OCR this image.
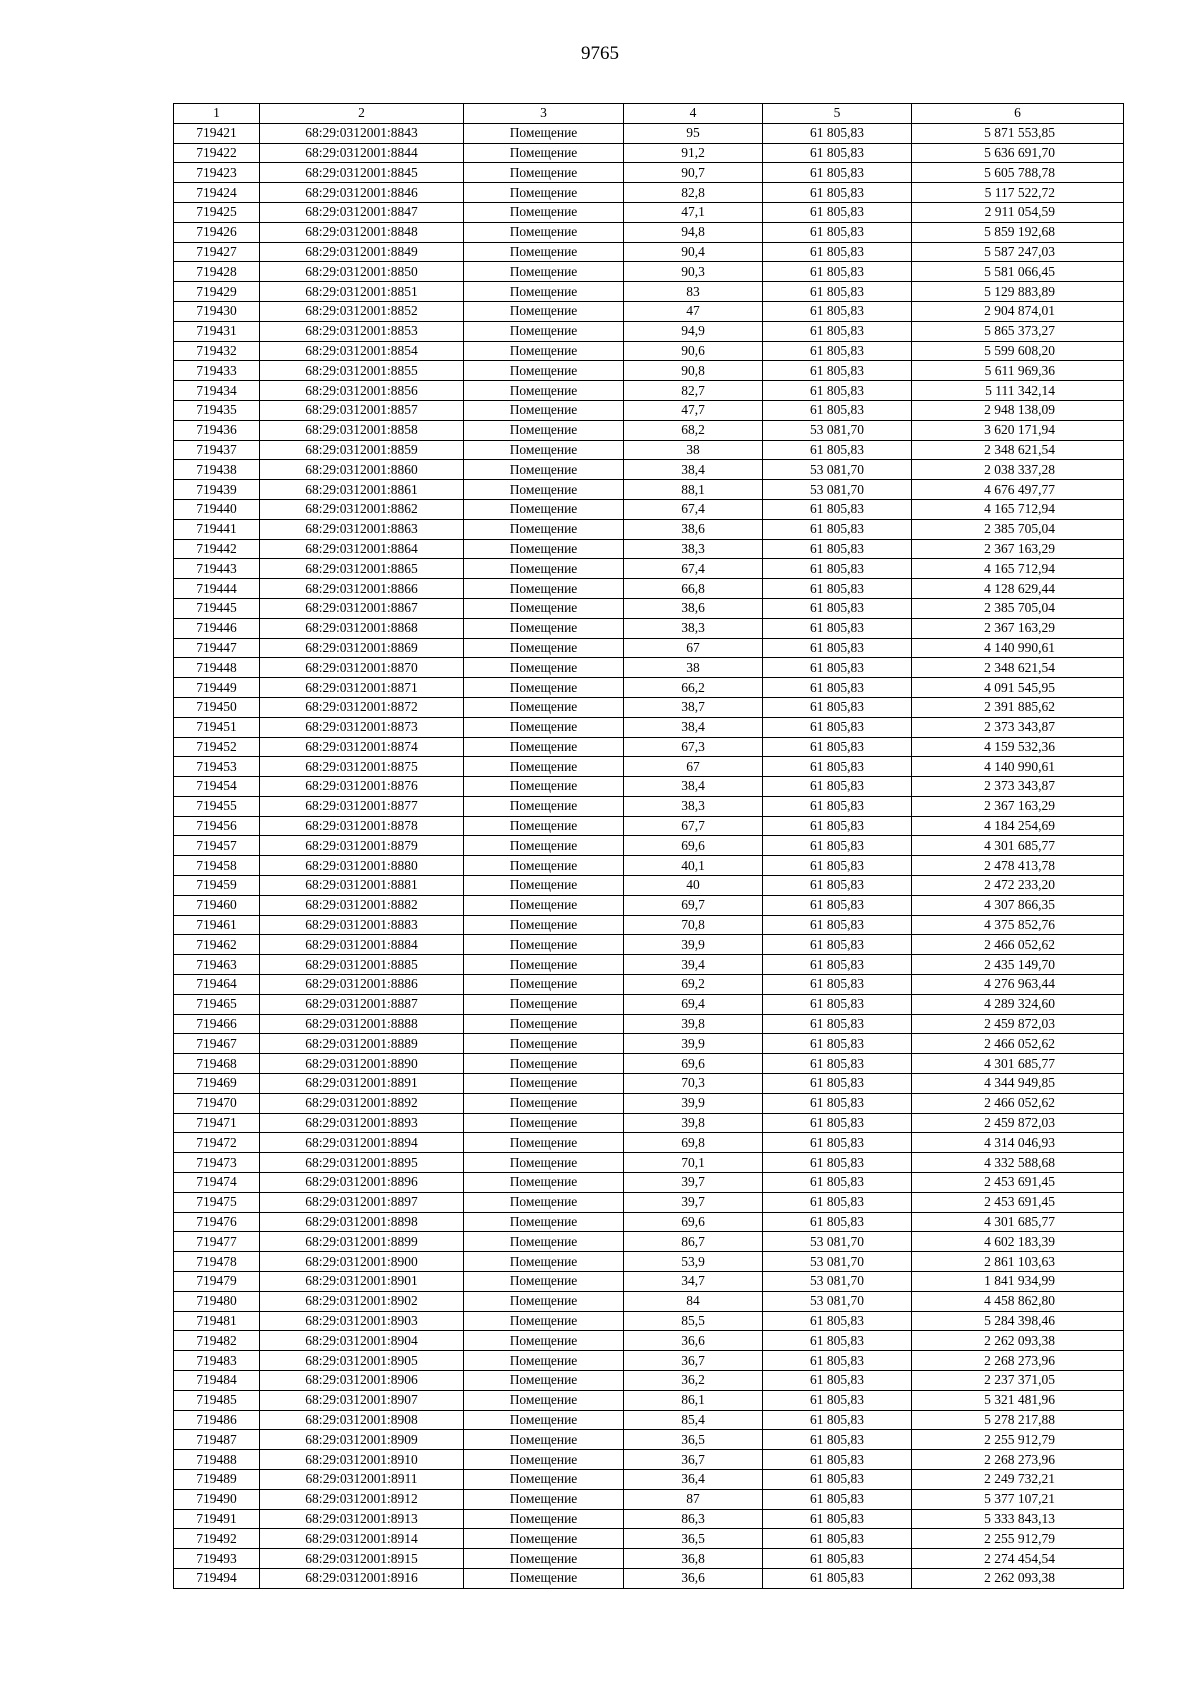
9765
1	2	3	4	5	6
719421	68:29:0312001:8843	Помещение	95	61 805,83	5 871 553,85
719422	68:29:0312001:8844	Помещение	91,2	61 805,83	5 636 691,70
719423	68:29:0312001:8845	Помещение	90,7	61 805,83	5 605 788,78
719424	68:29:0312001:8846	Помещение	82,8	61 805,83	5 117 522,72
719425	68:29:0312001:8847	Помещение	47,1	61 805,83	2 911 054,59
719426	68:29:0312001:8848	Помещение	94,8	61 805,83	5 859 192,68
719427	68:29:0312001:8849	Помещение	90,4	61 805,83	5 587 247,03
719428	68:29:0312001:8850	Помещение	90,3	61 805,83	5 581 066,45
719429	68:29:0312001:8851	Помещение	83	61 805,83	5 129 883,89
719430	68:29:0312001:8852	Помещение	47	61 805,83	2 904 874,01
719431	68:29:0312001:8853	Помещение	94,9	61 805,83	5 865 373,27
719432	68:29:0312001:8854	Помещение	90,6	61 805,83	5 599 608,20
719433	68:29:0312001:8855	Помещение	90,8	61 805,83	5 611 969,36
719434	68:29:0312001:8856	Помещение	82,7	61 805,83	5 111 342,14
719435	68:29:0312001:8857	Помещение	47,7	61 805,83	2 948 138,09
719436	68:29:0312001:8858	Помещение	68,2	53 081,70	3 620 171,94
719437	68:29:0312001:8859	Помещение	38	61 805,83	2 348 621,54
719438	68:29:0312001:8860	Помещение	38,4	53 081,70	2 038 337,28
719439	68:29:0312001:8861	Помещение	88,1	53 081,70	4 676 497,77
719440	68:29:0312001:8862	Помещение	67,4	61 805,83	4 165 712,94
719441	68:29:0312001:8863	Помещение	38,6	61 805,83	2 385 705,04
719442	68:29:0312001:8864	Помещение	38,3	61 805,83	2 367 163,29
719443	68:29:0312001:8865	Помещение	67,4	61 805,83	4 165 712,94
719444	68:29:0312001:8866	Помещение	66,8	61 805,83	4 128 629,44
719445	68:29:0312001:8867	Помещение	38,6	61 805,83	2 385 705,04
719446	68:29:0312001:8868	Помещение	38,3	61 805,83	2 367 163,29
719447	68:29:0312001:8869	Помещение	67	61 805,83	4 140 990,61
719448	68:29:0312001:8870	Помещение	38	61 805,83	2 348 621,54
719449	68:29:0312001:8871	Помещение	66,2	61 805,83	4 091 545,95
719450	68:29:0312001:8872	Помещение	38,7	61 805,83	2 391 885,62
719451	68:29:0312001:8873	Помещение	38,4	61 805,83	2 373 343,87
719452	68:29:0312001:8874	Помещение	67,3	61 805,83	4 159 532,36
719453	68:29:0312001:8875	Помещение	67	61 805,83	4 140 990,61
719454	68:29:0312001:8876	Помещение	38,4	61 805,83	2 373 343,87
719455	68:29:0312001:8877	Помещение	38,3	61 805,83	2 367 163,29
719456	68:29:0312001:8878	Помещение	67,7	61 805,83	4 184 254,69
719457	68:29:0312001:8879	Помещение	69,6	61 805,83	4 301 685,77
719458	68:29:0312001:8880	Помещение	40,1	61 805,83	2 478 413,78
719459	68:29:0312001:8881	Помещение	40	61 805,83	2 472 233,20
719460	68:29:0312001:8882	Помещение	69,7	61 805,83	4 307 866,35
719461	68:29:0312001:8883	Помещение	70,8	61 805,83	4 375 852,76
719462	68:29:0312001:8884	Помещение	39,9	61 805,83	2 466 052,62
719463	68:29:0312001:8885	Помещение	39,4	61 805,83	2 435 149,70
719464	68:29:0312001:8886	Помещение	69,2	61 805,83	4 276 963,44
719465	68:29:0312001:8887	Помещение	69,4	61 805,83	4 289 324,60
719466	68:29:0312001:8888	Помещение	39,8	61 805,83	2 459 872,03
719467	68:29:0312001:8889	Помещение	39,9	61 805,83	2 466 052,62
719468	68:29:0312001:8890	Помещение	69,6	61 805,83	4 301 685,77
719469	68:29:0312001:8891	Помещение	70,3	61 805,83	4 344 949,85
719470	68:29:0312001:8892	Помещение	39,9	61 805,83	2 466 052,62
719471	68:29:0312001:8893	Помещение	39,8	61 805,83	2 459 872,03
719472	68:29:0312001:8894	Помещение	69,8	61 805,83	4 314 046,93
719473	68:29:0312001:8895	Помещение	70,1	61 805,83	4 332 588,68
719474	68:29:0312001:8896	Помещение	39,7	61 805,83	2 453 691,45
719475	68:29:0312001:8897	Помещение	39,7	61 805,83	2 453 691,45
719476	68:29:0312001:8898	Помещение	69,6	61 805,83	4 301 685,77
719477	68:29:0312001:8899	Помещение	86,7	53 081,70	4 602 183,39
719478	68:29:0312001:8900	Помещение	53,9	53 081,70	2 861 103,63
719479	68:29:0312001:8901	Помещение	34,7	53 081,70	1 841 934,99
719480	68:29:0312001:8902	Помещение	84	53 081,70	4 458 862,80
719481	68:29:0312001:8903	Помещение	85,5	61 805,83	5 284 398,46
719482	68:29:0312001:8904	Помещение	36,6	61 805,83	2 262 093,38
719483	68:29:0312001:8905	Помещение	36,7	61 805,83	2 268 273,96
719484	68:29:0312001:8906	Помещение	36,2	61 805,83	2 237 371,05
719485	68:29:0312001:8907	Помещение	86,1	61 805,83	5 321 481,96
719486	68:29:0312001:8908	Помещение	85,4	61 805,83	5 278 217,88
719487	68:29:0312001:8909	Помещение	36,5	61 805,83	2 255 912,79
719488	68:29:0312001:8910	Помещение	36,7	61 805,83	2 268 273,96
719489	68:29:0312001:8911	Помещение	36,4	61 805,83	2 249 732,21
719490	68:29:0312001:8912	Помещение	87	61 805,83	5 377 107,21
719491	68:29:0312001:8913	Помещение	86,3	61 805,83	5 333 843,13
719492	68:29:0312001:8914	Помещение	36,5	61 805,83	2 255 912,79
719493	68:29:0312001:8915	Помещение	36,8	61 805,83	2 274 454,54
719494	68:29:0312001:8916	Помещение	36,6	61 805,83	2 262 093,38
